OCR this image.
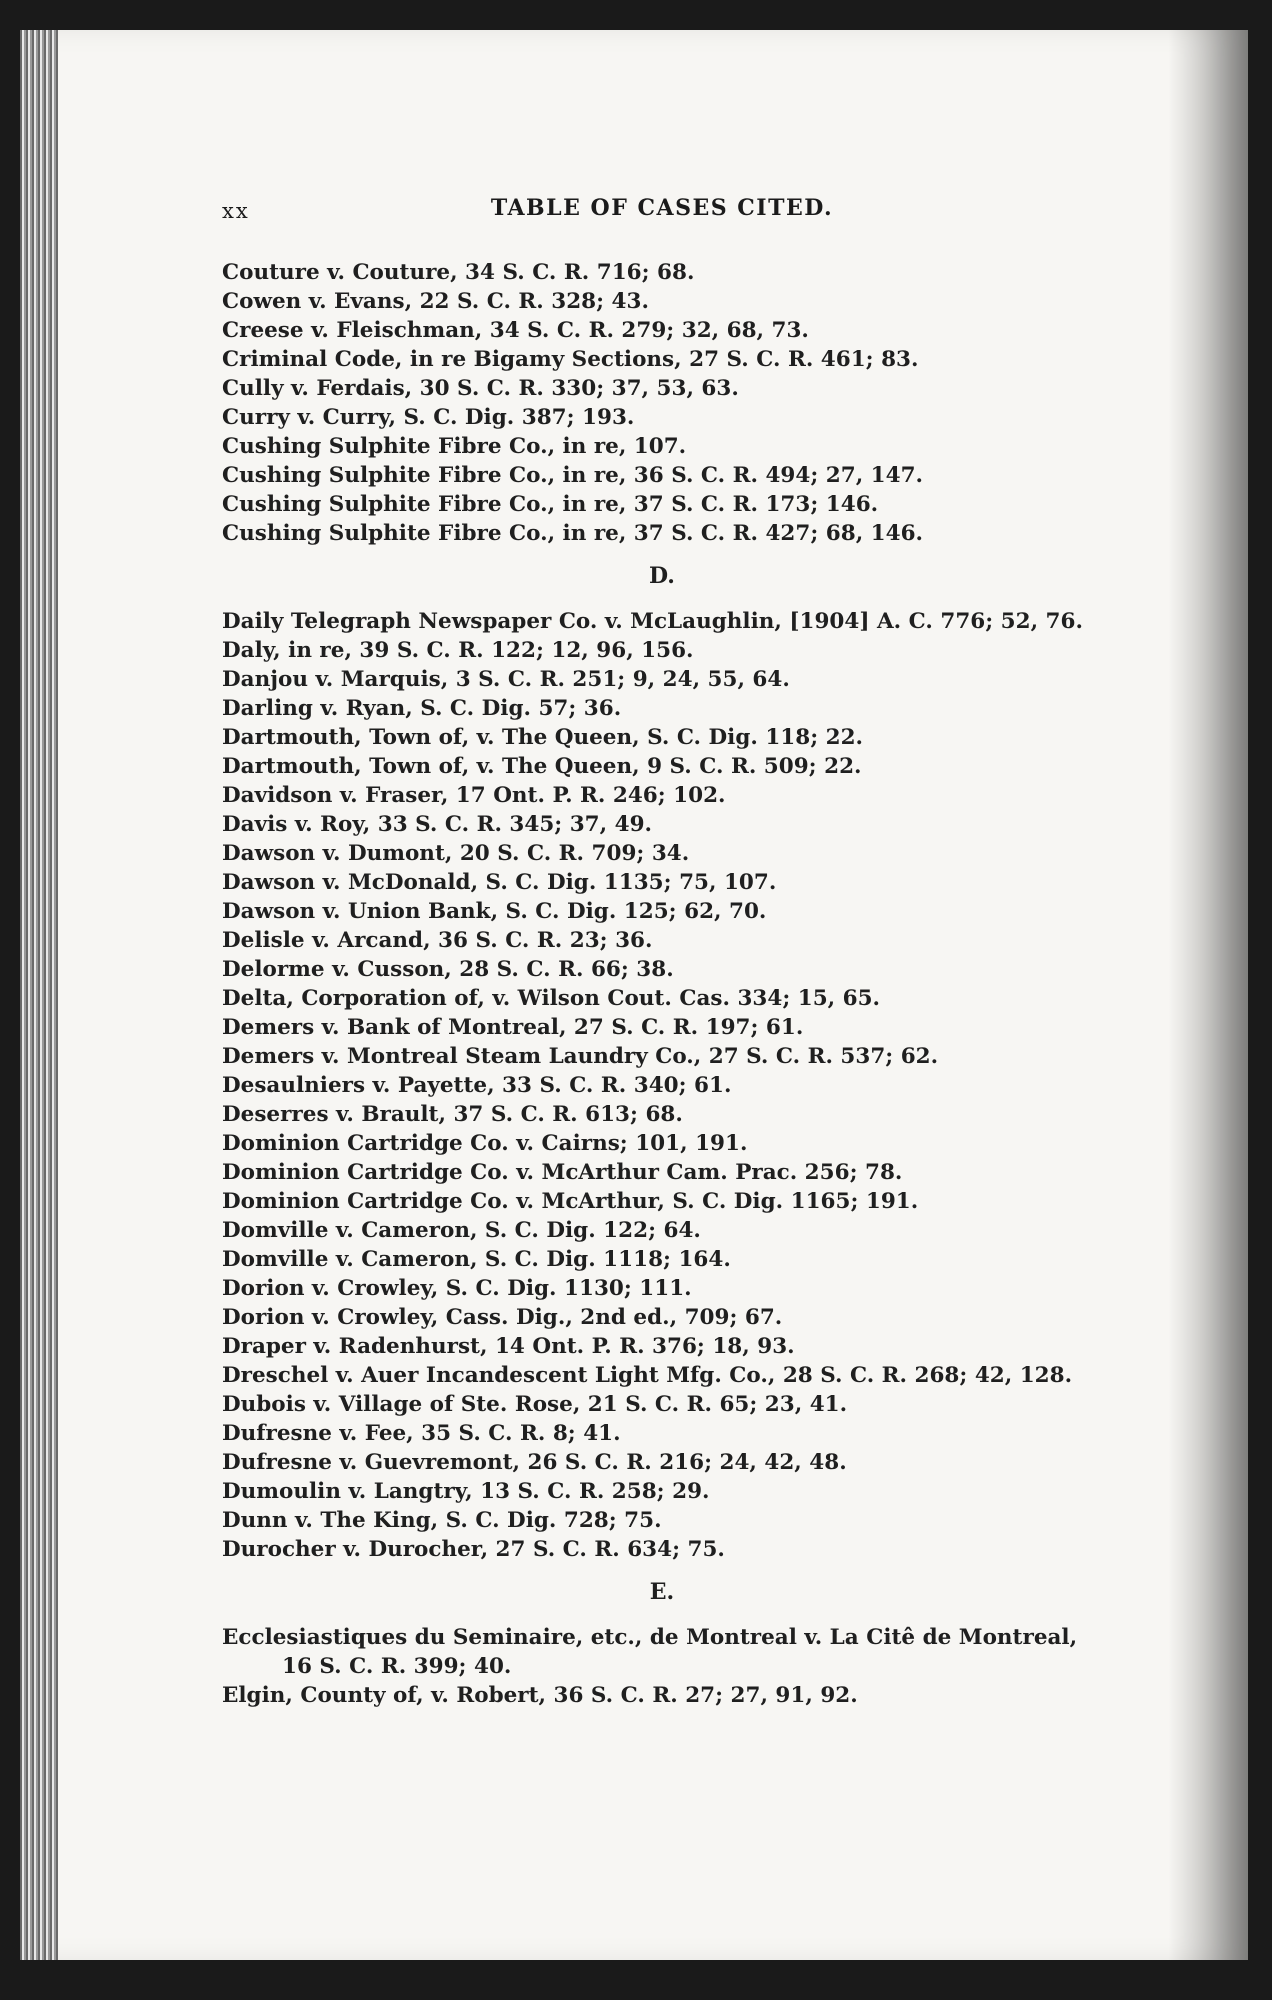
xx	TABLE OF CASES CITED.
Couture v. Couture, 34 S. C. R. 716; 68.
Cowen v. Evans, 22 S. C. R. 328; 43.
Creese v. Fleischman, 34 S. C. R. 279; 32, 68, 73.
Criminal Code, in re Bigamy Sections, 27 S. C. R. 461; 83.
Cully v. Ferdais, 30 S. C. R. 330; 37, 53, 63.
Curry v. Curry, S. C. Dig. 387; 193.
Cushing Sulphite Fibre Co., in re, 107.
Cushing Sulphite Fibre Co., in re, 36 S. C. R. 494; 27, 147.
Cushing Sulphite Fibre Co., in re, 37 S. C. R. 173; 146.
Cushing Sulphite Fibre Co., in re, 37 S. C. R. 427; 68, 146.
D.
Daily Telegraph Newspaper Co. v. McLaughlin, [1904] A. C. 776; 52, 76.
Daly, in re, 39 S. C. R. 122; 12, 96, 156.
Danjou v. Marquis, 3 S. C. R. 251; 9, 24, 55, 64.
Darling v. Ryan, S. C. Dig. 57; 36.
Dartmouth, Town of, v. The Queen, S. C. Dig. 118; 22.
Dartmouth, Town of, v. The Queen, 9 S. C. R. 509; 22.
Davidson v. Fraser, 17 Ont. P. R. 246; 102.
Davis v. Roy, 33 S. C. R. 345; 37, 49.
Dawson v. Dumont, 20 S. C. R. 709; 34.
Dawson v. McDonald, S. C. Dig. 1135; 75, 107.
Dawson v. Union Bank, S. C. Dig. 125; 62, 70.
Delisle v. Arcand, 36 S. C. R. 23; 36.
Delorme v. Cusson, 28 S. C. R. 66; 38.
Delta, Corporation of, v. Wilson Cout. Cas. 334; 15, 65.
Demers v. Bank of Montreal, 27 S. C. R. 197; 61.
Demers v. Montreal Steam Laundry Co., 27 S. C. R. 537; 62.
Desaulniers v. Payette, 33 S. C. R. 340; 61.
Deserres v. Brault, 37 S. C. R. 613; 68.
Dominion Cartridge Co. v. Cairns; 101, 191.
Dominion Cartridge Co. v. McArthur Cam. Prac. 256; 78.
Dominion Cartridge Co. v. McArthur, S. C. Dig. 1165; 191.
Domville v. Cameron, S. C. Dig. 122; 64.
Domville v. Cameron, S. C. Dig. 1118; 164.
Dorion v. Crowley, S. C. Dig. 1130; 111.
Dorion v. Crowley, Cass. Dig., 2nd ed., 709; 67.
Draper v. Radenhurst, 14 Ont. P. R. 376; 18, 93.
Dreschel v. Auer Incandescent Light Mfg. Co., 28 S. C. R. 268; 42, 128.
Dubois v. Village of Ste. Rose, 21 S. C. R. 65; 23, 41.
Dufresne v. Fee, 35 S. C. R. 8; 41.
Dufresne v. Guevremont, 26 S. C. R. 216; 24, 42, 48.
Dumoulin v. Langtry, 13 S. C. R. 258; 29.
Dunn v. The King, S. C. Dig. 728; 75.
Durocher v. Durocher, 27 S. C. R. 634; 75.
E.
Ecclesiastiques du Seminaire, etc., de Montreal v. La Citê de Montreal, 16 S. C. R. 399; 40.
Elgin, County of, v. Robert, 36 S. C. R. 27; 27, 91, 92.
